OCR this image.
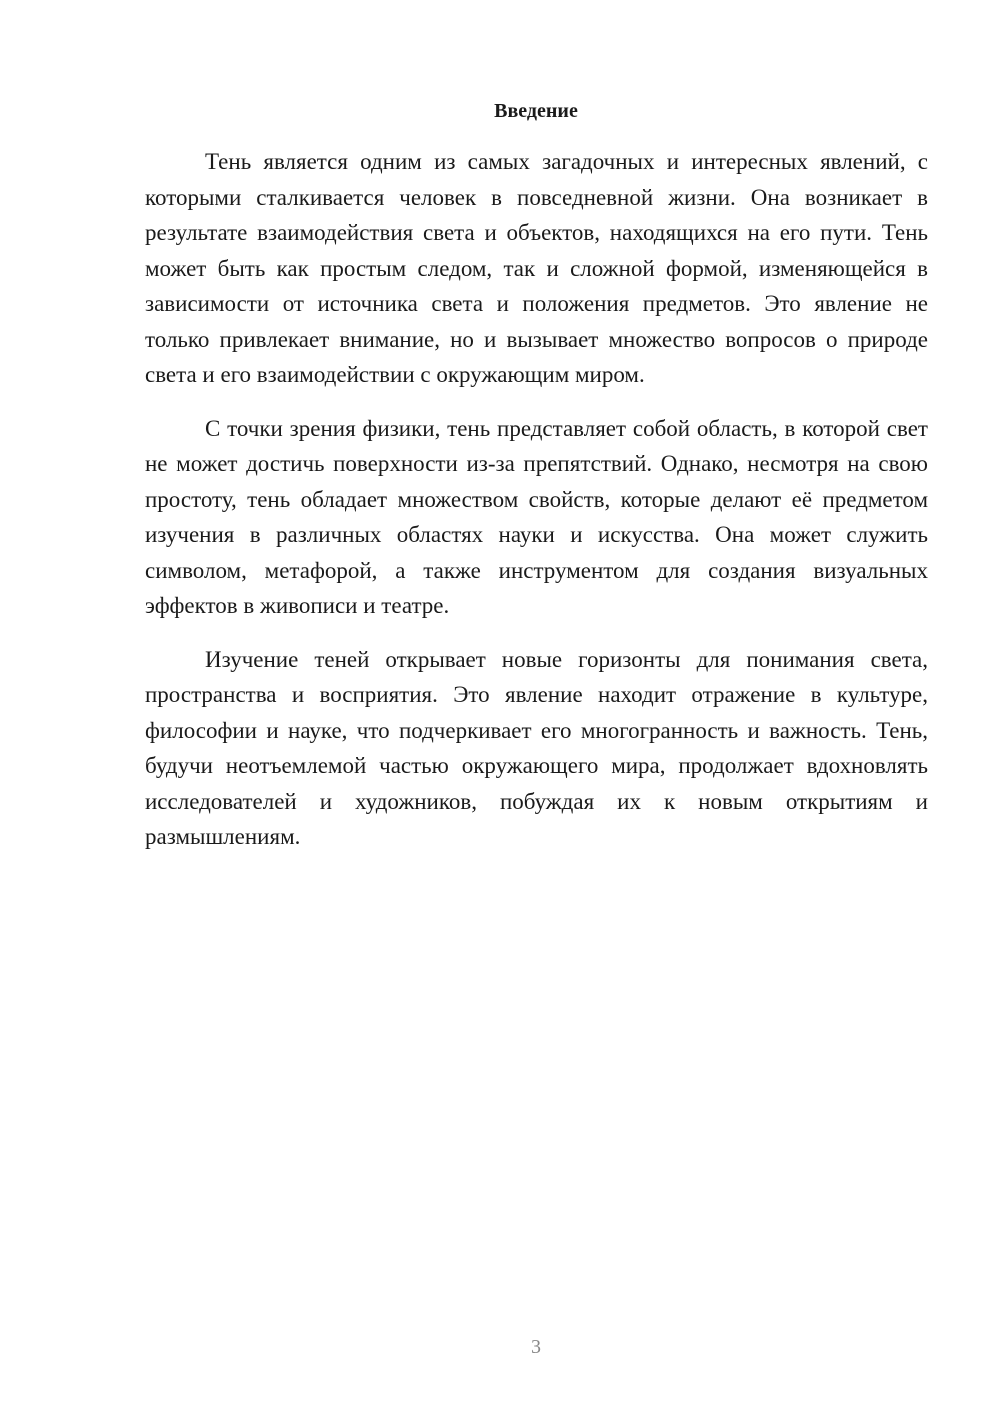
Введение

Тень является одним из самых загадочных и интересных явлений, с которыми сталкивается человек в повседневной жизни. Она возникает в результате взаимодействия света и объектов, находящихся на его пути. Тень может быть как простым следом, так и сложной формой, изменяющейся в зависимости от источника света и положения предметов. Это явление не только привлекает внимание, но и вызывает множество вопросов о природе света и его взаимодействии с окружающим миром.

С точки зрения физики, тень представляет собой область, в которой свет не может достичь поверхности из-за препятствий. Однако, несмотря на свою простоту, тень обладает множеством свойств, которые делают её предметом изучения в различных областях науки и искусства. Она может служить символом, метафорой, а также инструментом для создания визуальных эффектов в живописи и театре.

Изучение теней открывает новые горизонты для понимания света, пространства и восприятия. Это явление находит отражение в культуре, философии и науке, что подчеркивает его многогранность и важность. Тень, будучи неотъемлемой частью окружающего мира, продолжает вдохновлять исследователей и художников, побуждая их к новым открытиям и размышлениям.

3
